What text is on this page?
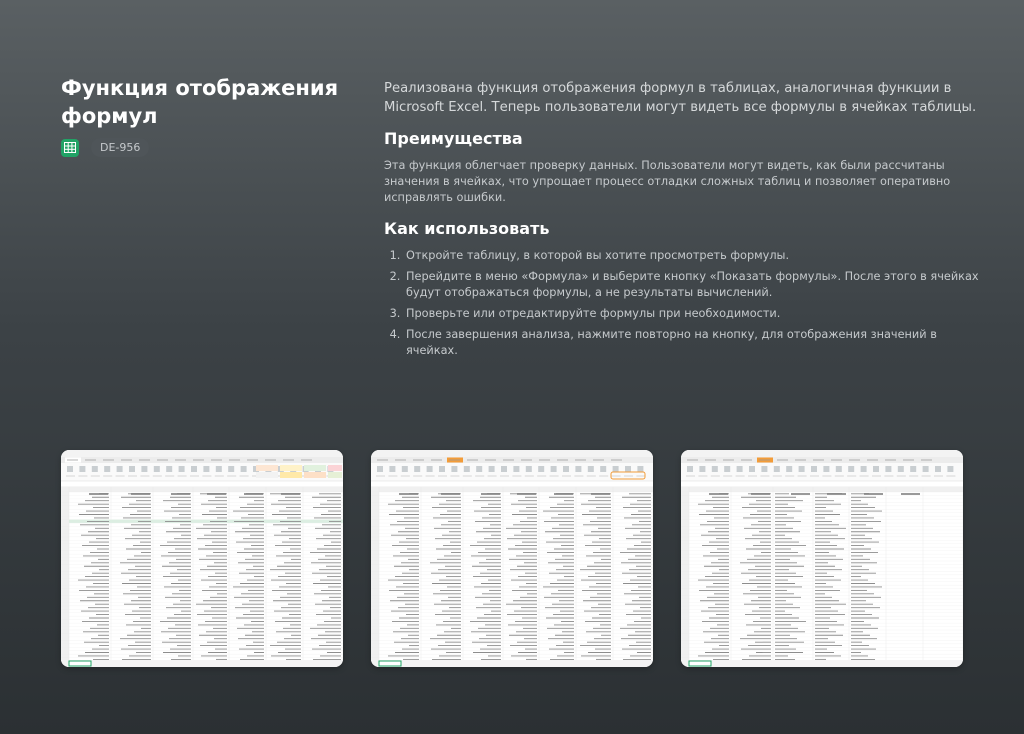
Функция отображения формул
DE-956

Реализована функция отображения формул в таблицах, аналогичная функции в Microsoft Excel. Теперь пользователи могут видеть все формулы в ячейках таблицы.

Преимущества

Эта функция облегчает проверку данных. Пользователи могут видеть, как были рассчитаны значения в ячейках, что упрощает процесс отладки сложных таблиц и позволяет оперативно исправлять ошибки.

Как использовать
1. Откройте таблицу, в которой вы хотите просмотреть формулы.
2. Перейдите в меню «Формула» и выберите кнопку «Показать формулы». После этого в ячейках будут отображаться формулы, а не результаты вычислений.
3. Проверьте или отредактируйте формулы при необходимости.
4. После завершения анализа, нажмите повторно на кнопку, для отображения значений в ячейках.
